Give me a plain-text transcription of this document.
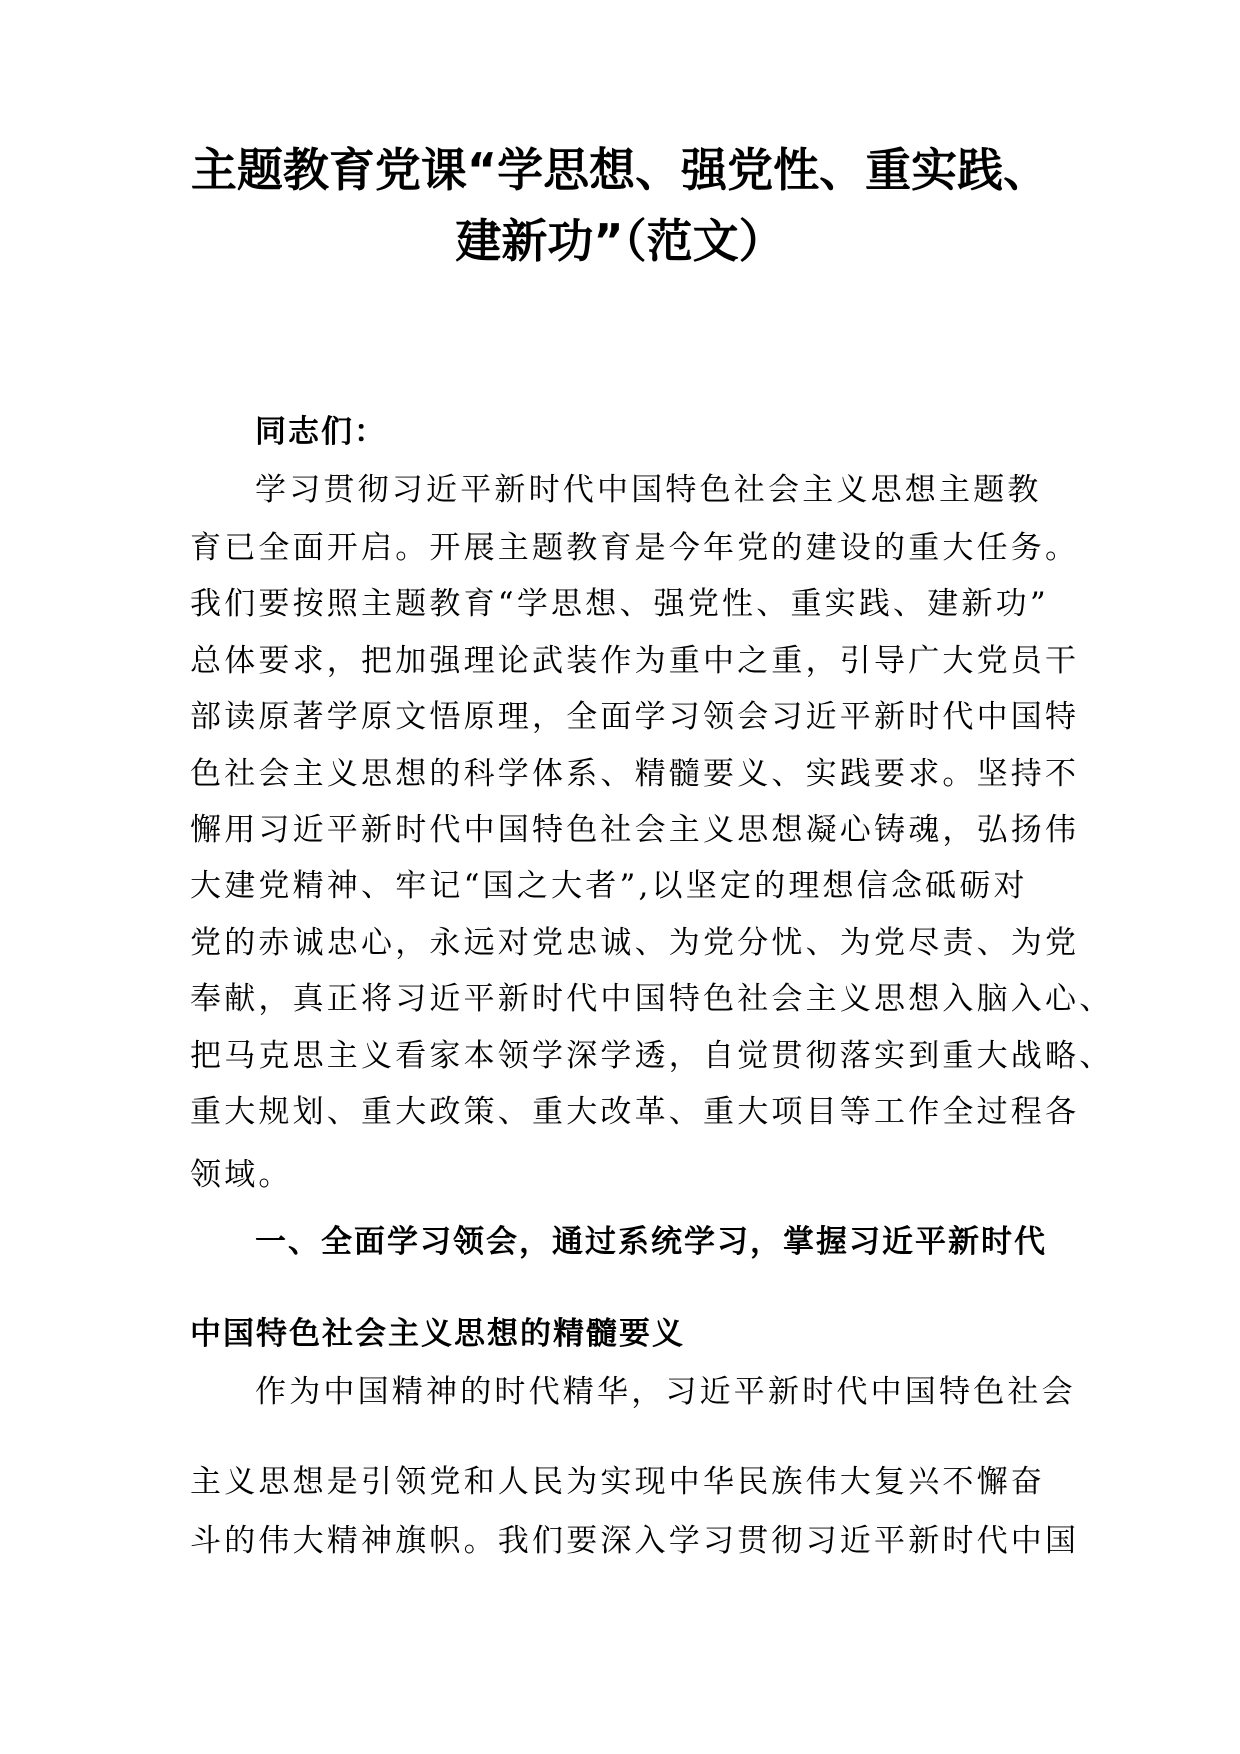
主题教育党课“学思想、强党性、重实践、
建新功”（范文）
同志们：
学习贯彻习近平新时代中国特色社会主义思想主题教
育已全面开启。开展主题教育是今年党的建设的重大任务。
我们要按照主题教育“学思想、强党性、重实践、建新功”
总体要求，把加强理论武装作为重中之重，引导广大党员干
部读原著学原文悟原理，全面学习领会习近平新时代中国特
色社会主义思想的科学体系、精髓要义、实践要求。坚持不
懈用习近平新时代中国特色社会主义思想凝心铸魂，弘扬伟
大建党精神、牢记“国之大者”,以坚定的理想信念砥砺对
党的赤诚忠心，永远对党忠诚、为党分忧、为党尽责、为党
奉献，真正将习近平新时代中国特色社会主义思想入脑入心、
把马克思主义看家本领学深学透，自觉贯彻落实到重大战略、
重大规划、重大政策、重大改革、重大项目等工作全过程各
领域。
一、全面学习领会，通过系统学习，掌握习近平新时代
中国特色社会主义思想的精髓要义
作为中国精神的时代精华，习近平新时代中国特色社会
主义思想是引领党和人民为实现中华民族伟大复兴不懈奋
斗的伟大精神旗帜。我们要深入学习贯彻习近平新时代中国
